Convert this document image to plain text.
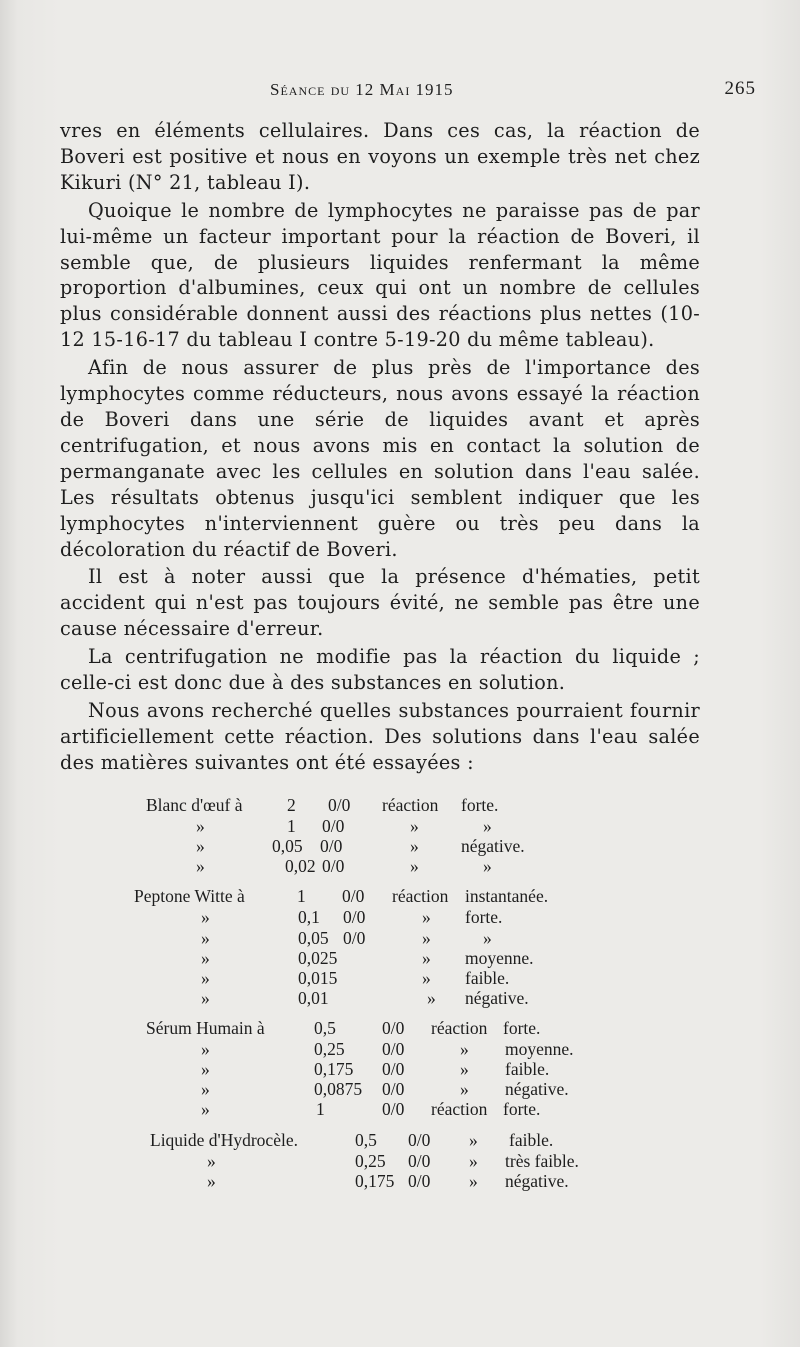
Séance du 12 Mai 1915	265

vres en éléments cellulaires. Dans ces cas, la réaction de Boveri est positive et nous en voyons un exemple très net chez Kikuri (N° 21, tableau I).

Quoique le nombre de lymphocytes ne paraisse pas de par lui-même un facteur important pour la réaction de Boveri, il semble que, de plusieurs liquides renfermant la même proportion d'albumines, ceux qui ont un nombre de cellules plus considérable donnent aussi des réactions plus nettes (10-12 15-16-17 du tableau I contre 5-19-20 du même tableau).

Afin de nous assurer de plus près de l'importance des lymphocytes comme réducteurs, nous avons essayé la réaction de Boveri dans une série de liquides avant et après centrifugation, et nous avons mis en contact la solution de permanganate avec les cellules en solution dans l'eau salée. Les résultats obtenus jusqu'ici semblent indiquer que les lymphocytes n'interviennent guère ou très peu dans la décoloration du réactif de Boveri.

Il est à noter aussi que la présence d'hématies, petit accident qui n'est pas toujours évité, ne semble pas être une cause nécessaire d'erreur.

La centrifugation ne modifie pas la réaction du liquide ; celle-ci est donc due à des substances en solution.

Nous avons recherché quelles substances pourraient fournir artificiellement cette réaction. Des solutions dans l'eau salée des matières suivantes ont été essayées :

Blanc d'œuf à	2 0/0 réaction forte.
»	1 0/0	»	»
»	0,05 0/0	» négative.
»	0,02 0/0	»	»
Peptone Witte à	1 0/0 réaction instantanée.
»	0,1 0/0	» forte.
»	0,05 0/0	»	»
»	0,025	» moyenne.
»	0,015	» faible.
»	0,01	» négative.
Sérum Humain à	0,5	0/0 réaction forte.
»	0,25 0/0	» moyenne.
»	0,175 0/0	» faible.
»	0,0875 0/0	» négative.
»	1	0/0 réaction forte.
Liquide d'Hydrocèle.	0,5 0/0 » faible.
»	0,25 0/0 » très faible.
»	0,175 0/0 » négative.
